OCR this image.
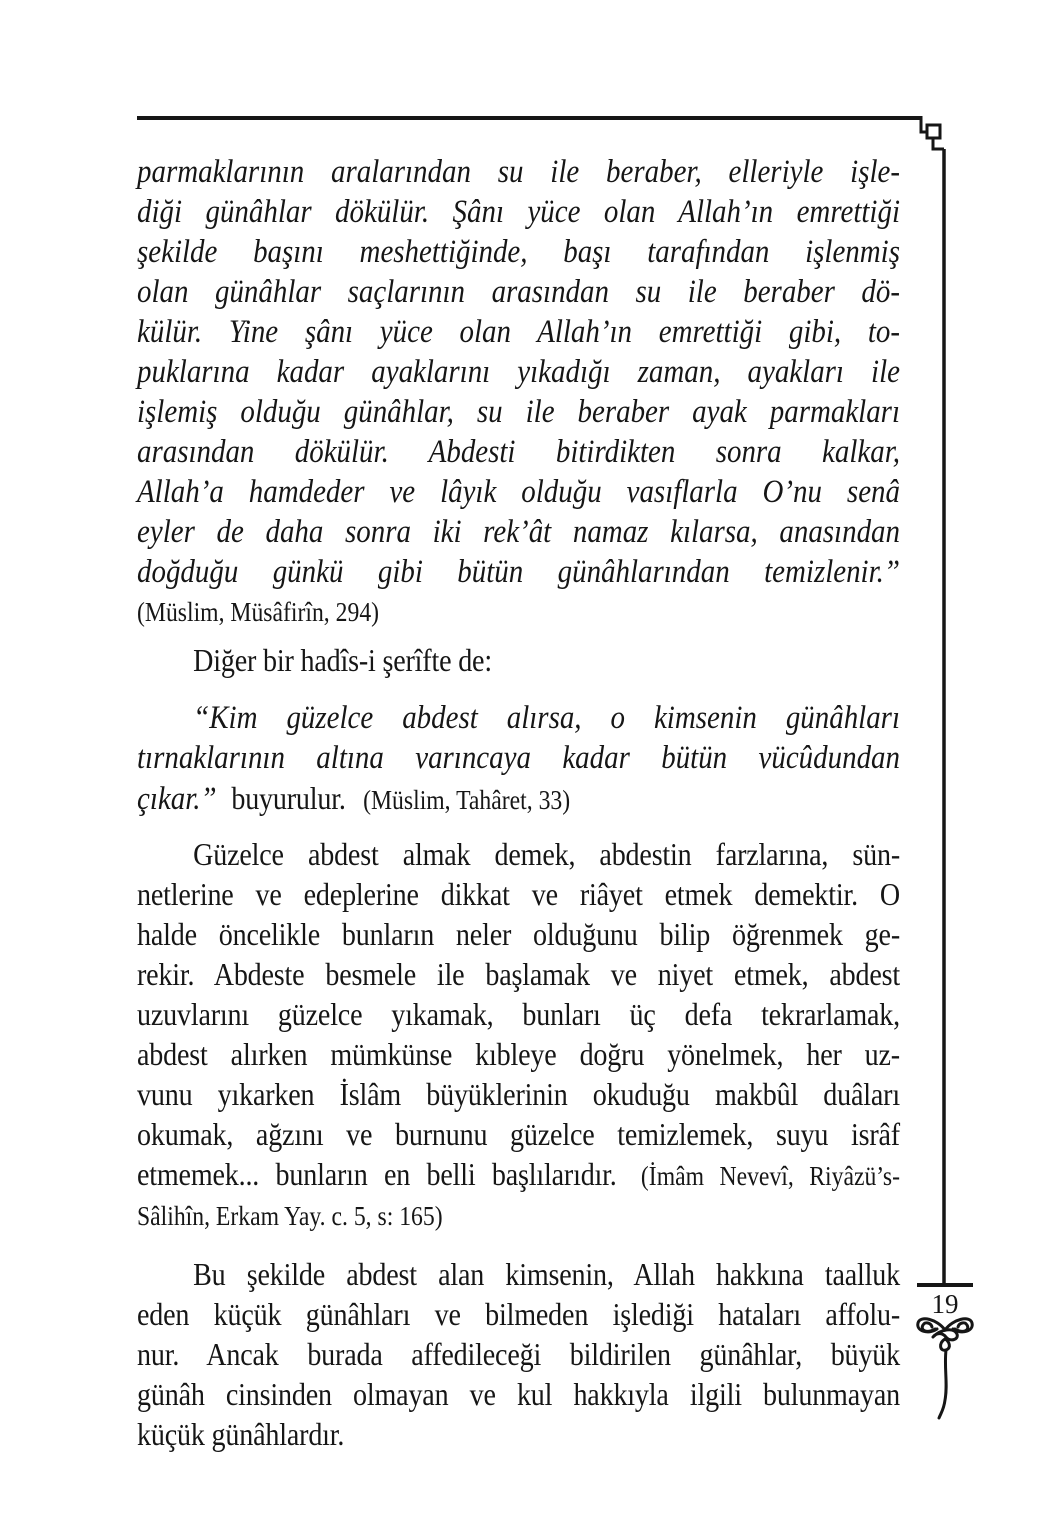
parmaklarının aralarından su ile beraber, elleriyle işle-
diği günâhlar dökülür. Şânı yüce olan Allah’ın emrettiği
şekilde başını meshettiğinde, başı tarafından işlenmiş
olan günâhlar saçlarının arasından su ile beraber dö-
külür. Yine şânı yüce olan Allah’ın emrettiği gibi, to-
puklarına kadar ayaklarını yıkadığı zaman, ayakları ile
işlemiş olduğu günâhlar, su ile beraber ayak parmakları
arasından dökülür. Abdesti bitirdikten sonra kalkar,
Allah’a hamdeder ve lâyık olduğu vasıflarla O’nu senâ
eyler de daha sonra iki rek’ât namaz kılarsa, anasından
doğduğu günkü gibi bütün günâhlarından temizlenir.”

(Müslim, Müsâfirîn, 294)

Diğer bir hadîs-i şerîfte de:

“Kim güzelce abdest alırsa, o kimsenin günâhları
tırnaklarının altına varıncaya kadar bütün vücûdundan
çıkar.” buyurulur. (Müslim, Tahâret, 33)

Güzelce abdest almak demek, abdestin farzlarına, sün-
netlerine ve edeplerine dikkat ve riâyet etmek demektir. O
halde öncelikle bunların neler olduğunu bilip öğrenmek ge-
rekir. Abdeste besmele ile başlamak ve niyet etmek, abdest
uzuvlarını güzelce yıkamak, bunları üç defa tekrarlamak,
abdest alırken mümkünse kıbleye doğru yönelmek, her uz-
vunu yıkarken İslâm büyüklerinin okuduğu makbûl duâları
okumak, ağzını ve burnunu güzelce temizlemek, suyu isrâf
etmemek... bunların en belli başlılarıdır. (İmâm Nevevî, Riyâzü’s-
Sâlihîn, Erkam Yay. c. 5, s: 165)

Bu şekilde abdest alan kimsenin, Allah hakkına taalluk
eden küçük günâhları ve bilmeden işlediği hataları affolu-
nur. Ancak burada affedileceği bildirilen günâhlar, büyük
günâh cinsinden olmayan ve kul hakkıyla ilgili bulunmayan
küçük günâhlardır.

19
